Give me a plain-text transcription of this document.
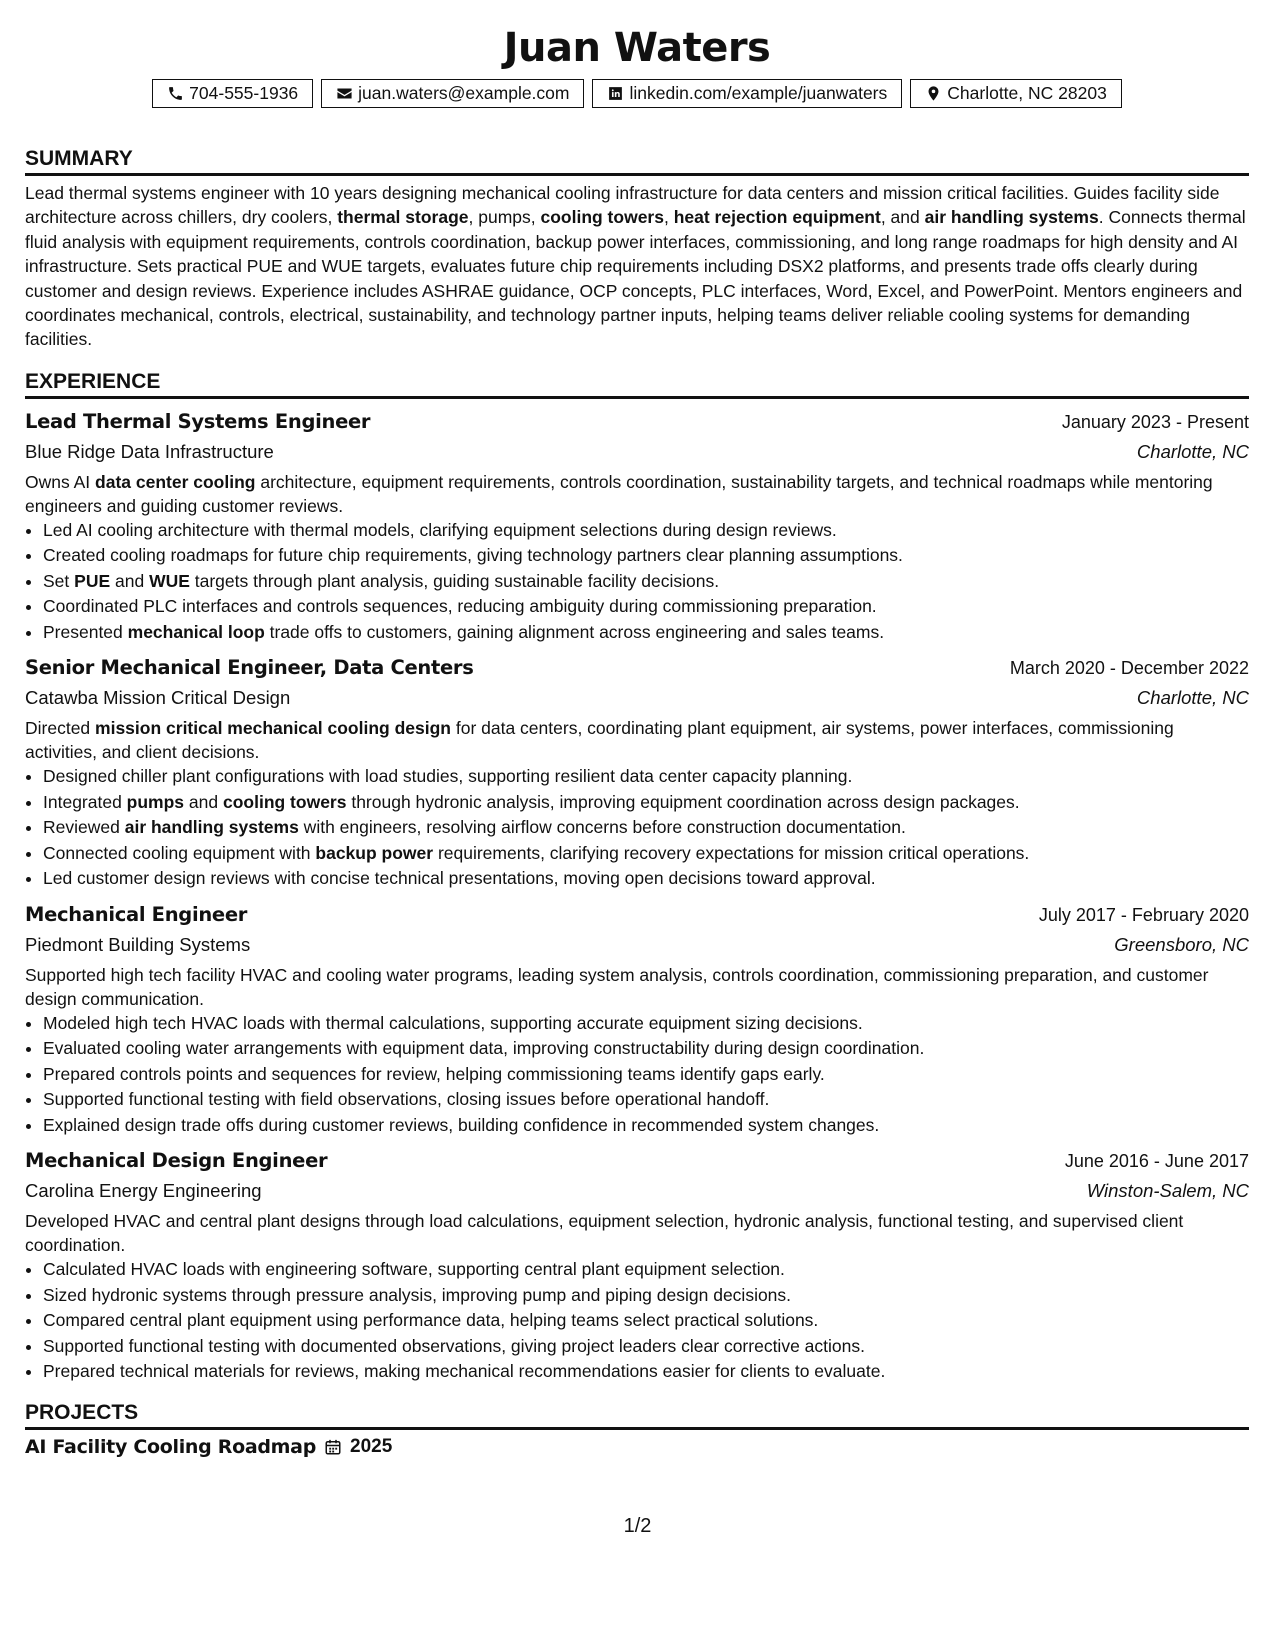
Juan Waters
704-555-1936	juan.waters@example.com	linkedin.com/example/juanwaters	Charlotte, NC 28203
SUMMARY
Lead thermal systems engineer with 10 years designing mechanical cooling infrastructure for data centers and mission critical facilities. Guides facility side architecture across chillers, dry coolers, thermal storage, pumps, cooling towers, heat rejection equipment, and air handling systems. Connects thermal fluid analysis with equipment requirements, controls coordination, backup power interfaces, commissioning, and long range roadmaps for high density and AI infrastructure. Sets practical PUE and WUE targets, evaluates future chip requirements including DSX2 platforms, and presents trade offs clearly during customer and design reviews. Experience includes ASHRAE guidance, OCP concepts, PLC interfaces, Word, Excel, and PowerPoint. Mentors engineers and coordinates mechanical, controls, electrical, sustainability, and technology partner inputs, helping teams deliver reliable cooling systems for demanding facilities.
EXPERIENCE
Lead Thermal Systems Engineer	January 2023 - Present
Blue Ridge Data Infrastructure	Charlotte, NC
Owns AI data center cooling architecture, equipment requirements, controls coordination, sustainability targets, and technical roadmaps while mentoring engineers and guiding customer reviews.
• Led AI cooling architecture with thermal models, clarifying equipment selections during design reviews.
• Created cooling roadmaps for future chip requirements, giving technology partners clear planning assumptions.
• Set PUE and WUE targets through plant analysis, guiding sustainable facility decisions.
• Coordinated PLC interfaces and controls sequences, reducing ambiguity during commissioning preparation.
• Presented mechanical loop trade offs to customers, gaining alignment across engineering and sales teams.
Senior Mechanical Engineer, Data Centers	March 2020 - December 2022
Catawba Mission Critical Design	Charlotte, NC
Directed mission critical mechanical cooling design for data centers, coordinating plant equipment, air systems, power interfaces, commissioning activities, and client decisions.
• Designed chiller plant configurations with load studies, supporting resilient data center capacity planning.
• Integrated pumps and cooling towers through hydronic analysis, improving equipment coordination across design packages.
• Reviewed air handling systems with engineers, resolving airflow concerns before construction documentation.
• Connected cooling equipment with backup power requirements, clarifying recovery expectations for mission critical operations.
• Led customer design reviews with concise technical presentations, moving open decisions toward approval.
Mechanical Engineer	July 2017 - February 2020
Piedmont Building Systems	Greensboro, NC
Supported high tech facility HVAC and cooling water programs, leading system analysis, controls coordination, commissioning preparation, and customer design communication.
• Modeled high tech HVAC loads with thermal calculations, supporting accurate equipment sizing decisions.
• Evaluated cooling water arrangements with equipment data, improving constructability during design coordination.
• Prepared controls points and sequences for review, helping commissioning teams identify gaps early.
• Supported functional testing with field observations, closing issues before operational handoff.
• Explained design trade offs during customer reviews, building confidence in recommended system changes.
Mechanical Design Engineer	June 2016 - June 2017
Carolina Energy Engineering	Winston-Salem, NC
Developed HVAC and central plant designs through load calculations, equipment selection, hydronic analysis, functional testing, and supervised client coordination.
• Calculated HVAC loads with engineering software, supporting central plant equipment selection.
• Sized hydronic systems through pressure analysis, improving pump and piping design decisions.
• Compared central plant equipment using performance data, helping teams select practical solutions.
• Supported functional testing with documented observations, giving project leaders clear corrective actions.
• Prepared technical materials for reviews, making mechanical recommendations easier for clients to evaluate.
PROJECTS
AI Facility Cooling Roadmap 2025
1/2
